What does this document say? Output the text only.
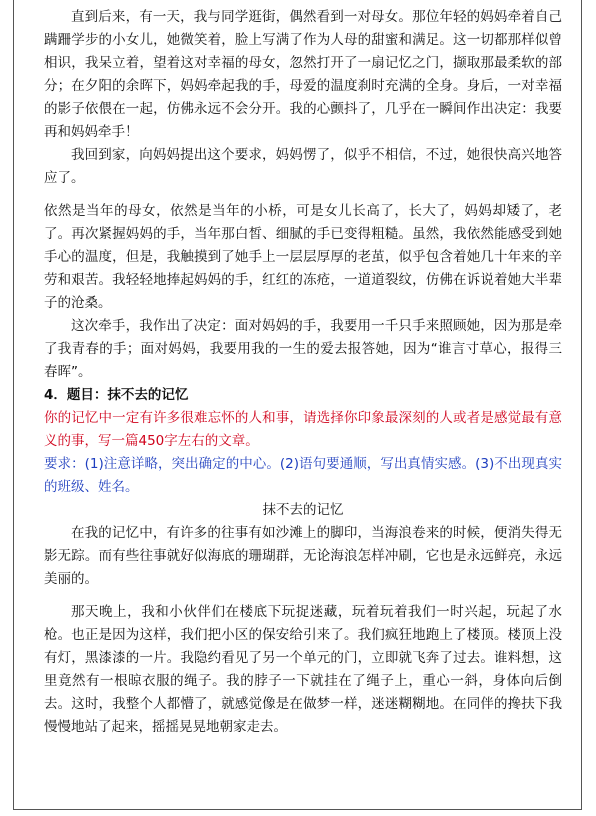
直到后来，有一天，我与同学逛街，偶然看到一对母女。那位年轻的妈妈牵着自己蹒跚学步的小女儿，她微笑着，脸上写满了作为人母的甜蜜和满足。这一切都那样似曾相识，我呆立着，望着这对幸福的母女，忽然打开了一扇记忆之门，撷取那最柔软的部分；在夕阳的余晖下，妈妈牵起我的手，母爱的温度刹时充满的全身。身后，一对幸福的影子依偎在一起，仿佛永远不会分开。我的心颤抖了，几乎在一瞬间作出决定：我要再和妈妈牵手！

我回到家，向妈妈提出这个要求，妈妈愣了，似乎不相信，不过，她很快高兴地答应了。

依然是当年的母女，依然是当年的小桥，可是女儿长高了，长大了，妈妈却矮了，老了。再次紧握妈妈的手，当年那白皙、细腻的手已变得粗糙。虽然，我依然能感受到她手心的温度，但是，我触摸到了她手上一层层厚厚的老茧，似乎包含着她几十年来的辛劳和艰苦。我轻轻地捧起妈妈的手，红红的冻疮，一道道裂纹，仿佛在诉说着她大半辈子的沧桑。

这次牵手，我作出了决定：面对妈妈的手，我要用一千只手来照顾她，因为那是牵了我青春的手；面对妈妈，我要用我的一生的爱去报答她，因为“谁言寸草心，报得三春晖”。

4．题目：抹不去的记忆

你的记忆中一定有许多很难忘怀的人和事，请选择你印象最深刻的人或者是感觉最有意义的事，写一篇450字左右的文章。

要求：(1)注意详略，突出确定的中心。(2)语句要通顺，写出真情实感。(3)不出现真实的班级、姓名。

抹不去的记忆

在我的记忆中，有许多的往事有如沙滩上的脚印，当海浪卷来的时候，便消失得无影无踪。而有些往事就好似海底的珊瑚群，无论海浪怎样冲刷，它也是永远鲜亮，永远美丽的。

那天晚上，我和小伙伴们在楼底下玩捉迷藏，玩着玩着我们一时兴起，玩起了水枪。也正是因为这样，我们把小区的保安给引来了。我们疯狂地跑上了楼顶。楼顶上没有灯，黑漆漆的一片。我隐约看见了另一个单元的门，立即就飞奔了过去。谁料想，这里竟然有一根晾衣服的绳子。我的脖子一下就挂在了绳子上，重心一斜，身体向后倒去。这时，我整个人都懵了，就感觉像是在做梦一样，迷迷糊糊地。在同伴的搀扶下我慢慢地站了起来，摇摇晃晃地朝家走去。
